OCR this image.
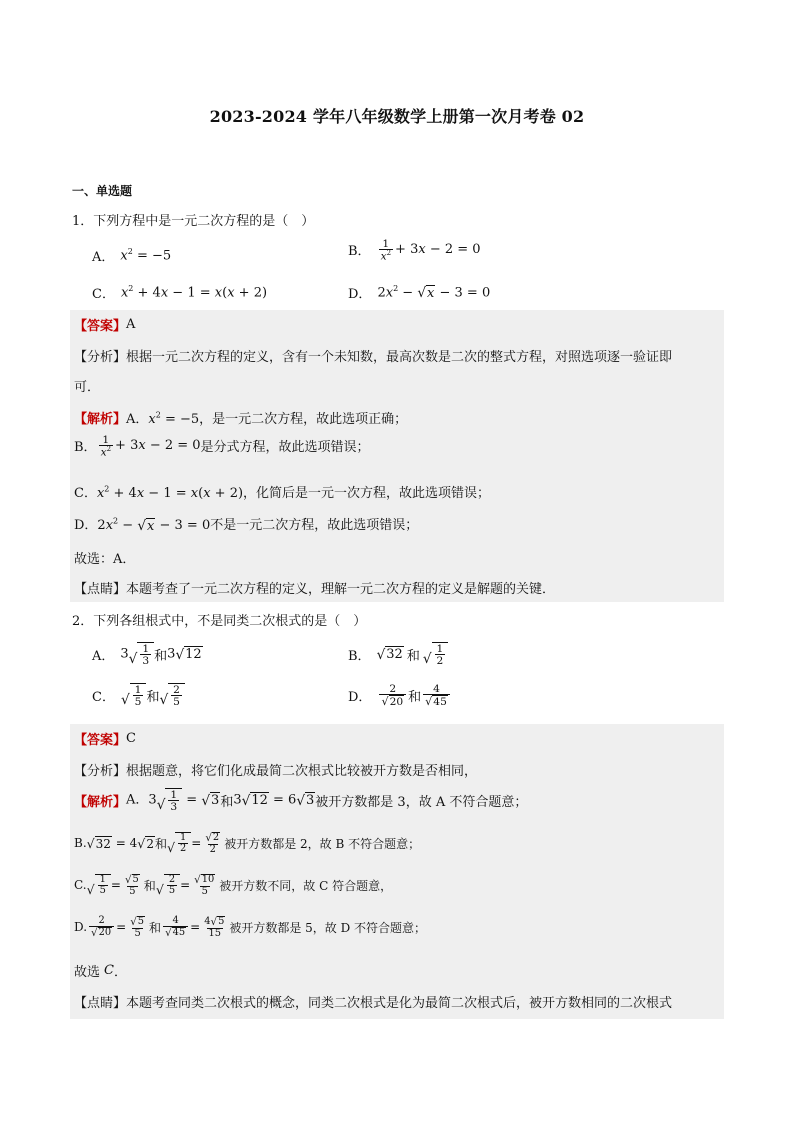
2023-2024 学年八年级数学上册第一次月考卷 02
一、单选题
1．下列方程中是一元二次方程的是（　）
A． $x^2 = -5$	B． $\frac{1}{x^2} + 3x - 2 = 0$
C． $x^2 + 4x - 1 = x(x + 2)$	D． $2x^2$ − √ x − 3 = 0
【答案】 A
【分析】 根据一元二次方程的定义，含有一个未知数，最高次数是二次的整式方程，对照选项逐一验证即
可．
【解析】 A．$x^2 = -5$ ，是一元二次方程，故此选项正确；
B． $\frac{1}{x^2} + 3x - 2 = 0$ 是分式方程，故此选项错误；
C．$x^2 + 4x - 1 = x(x + 2)$ ，化简后是一元一次方程，故此选项错误；
D．$2x^2$ − √ x − 3 = 0 不是一元二次方程，故此选项错误；
故选：A．
【点睛】 本题考查了一元二次方程的定义，理解一元二次方程的定义是解题的关键．
2．下列各组根式中，不是同类二次根式的是（　）
A． 3 √ $\frac{1}{3}$ 和 3 √ 12	B． √ 32 和 √ $\frac{1}{2}$
C． √ $\frac{1}{5}$ 和 √ $\frac{2}{5}$	D． $\frac{2}{√ 20}$ 和 $\frac{4}{√ 45}$
【答案】 C
【分析】 根据题意，将它们化成最简二次根式比较被开方数是否相同，
【解析】 A．3 √ $\frac{1}{3}$ = √ 3 和 3 √ 12 = 6 √ 3 被开方数都是 3，故 A 不符合题意；
B. √ 32 = 4 √ 2 和 √ $\frac{1}{2} = \frac{√ 2}{2}$ 被开方数都是 2，故 B 不符合题意；
C. √ $\frac{1}{5} = \frac{√ 5}{5}$ 和 √ $\frac{2}{5} = \frac{√ 10}{5}$ 被开方数不同，故 C 符合题意，
D. $\frac{2}{√ 20} = \frac{√ 5}{5}$ 和 $\frac{4}{√ 45} = \frac{4 √ 5}{15}$ 被开方数都是 5，故 D 不符合题意；
故选 C ．
【点睛】 本题考查同类二次根式的概念，同类二次根式是化为最简二次根式后，被开方数相同的二次根式
